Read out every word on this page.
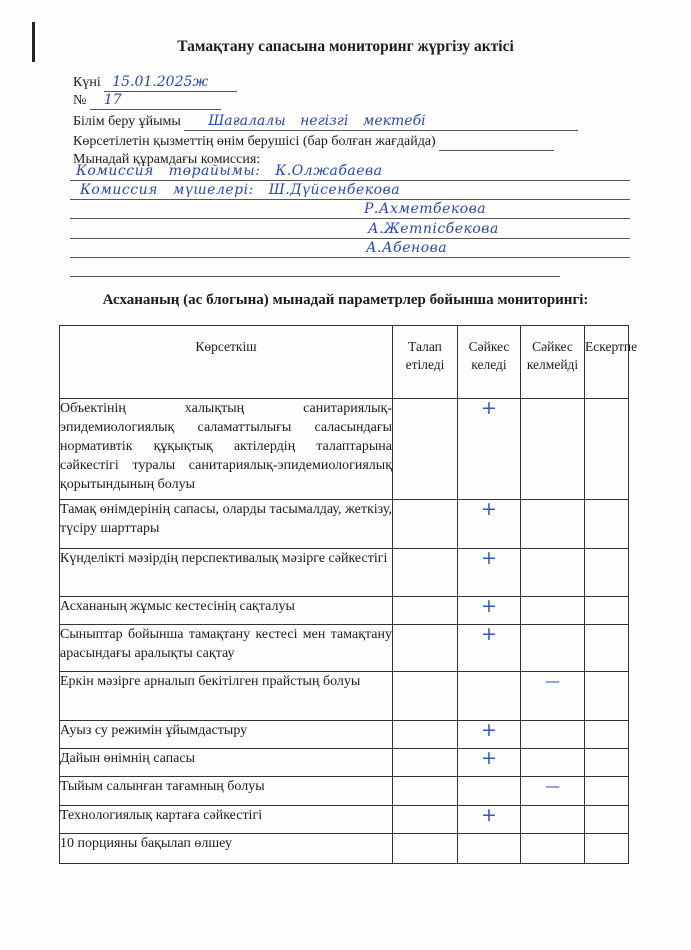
Тамақтану сапасына мониторинг жүргізу актісі
Күні 15.01.2025ж
№ 17
Білім беру ұйымы Шағалалы негізгі мектебі
Көрсетілетін қызметтің өнім берушісі (бар болған жағдайда)
Мынадай құрамдағы комиссия:
Комиссия төрайымы: К.Олжабаева
Комиссия мүшелері: Ш.Дүйсенбекова
Р.Ахметбекова
А.Жетпісбекова
А.Абенова
Асхананың (ас блогына) мынадай параметрлер бойынша мониторингі:
Көрсеткіш	Талап етіледі	Сәйкес келеді	Сәйкес келмейді	Ескертпе
Объектінің халықтың санитариялық-эпидемиологиялық саламаттылығы саласындағы нормативтік құқықтық актілердің талаптарына сәйкестігі туралы санитариялық-эпидемиологиялық қорытындының болуы		+		
Тамақ өнімдерінің сапасы, оларды тасымалдау, жеткізу, түсіру шарттары		+		
Күнделікті мәзірдің перспективалық мәзірге сәйкестігі		+		
Асхананың жұмыс кестесінің сақталуы		+		
Сыныптар бойынша тамақтану кестесі мен тамақтану арасындағы аралықты сақтау		+		
Еркін мәзірге арналып бекітілген прайстың болуы			—	
Ауыз су режимін ұйымдастыру		+		
Дайын өнімнің сапасы		+		
Тыйым салынған тағамның болуы			—	
Технологиялық картаға сәйкестігі		+		
10 порцияны бақылап өлшеу				
